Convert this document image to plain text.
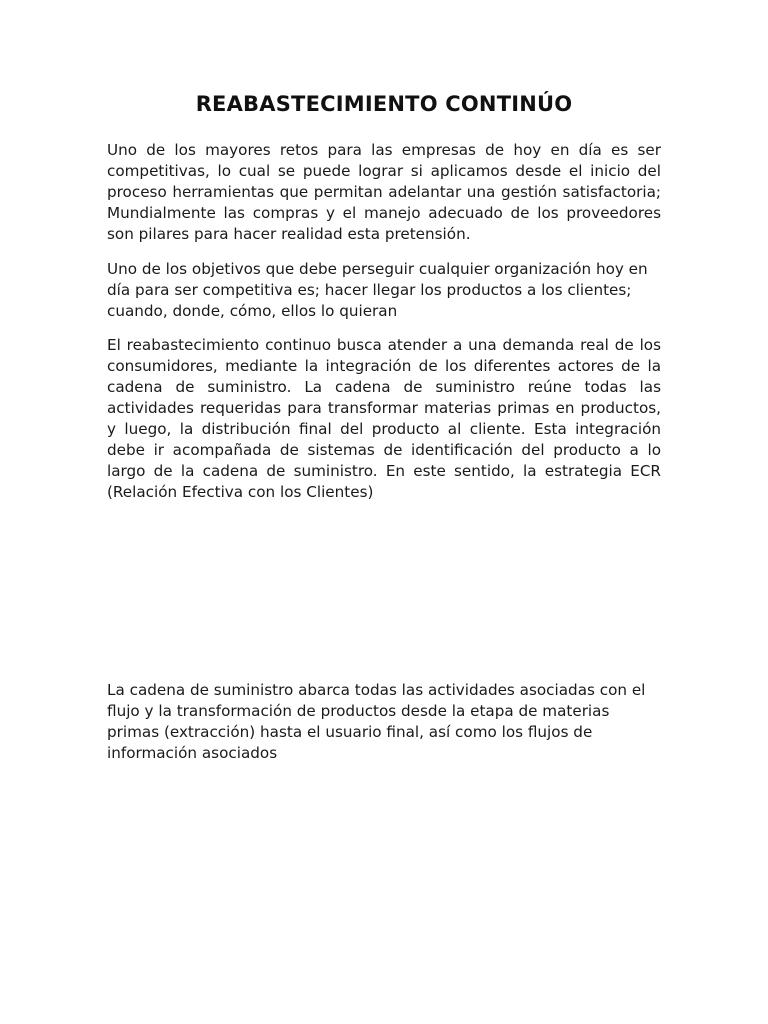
REABASTECIMIENTO CONTINÚO

Uno de los mayores retos para las empresas de hoy en día es ser competitivas, lo cual se puede lograr si aplicamos desde el inicio del proceso herramientas que permitan adelantar una gestión satisfactoria; Mundialmente las compras y el manejo adecuado de los proveedores son pilares para hacer realidad esta pretensión.

Uno de los objetivos que debe perseguir cualquier organización hoy en día para ser competitiva es; hacer llegar los productos a los clientes; cuando, donde, cómo, ellos lo quieran

El reabastecimiento continuo busca atender a una demanda real de los consumidores, mediante la integración de los diferentes actores de la cadena de suministro. La cadena de suministro reúne todas las actividades requeridas para transformar materias primas en productos, y luego, la distribución final del producto al cliente. Esta integración debe ir acompañada de sistemas de identificación del producto a lo largo de la cadena de suministro. En este sentido, la estrategia ECR (Relación Efectiva con los Clientes)

La cadena de suministro abarca todas las actividades asociadas con el flujo y la transformación de productos desde la etapa de materias primas (extracción) hasta el usuario final, así como los flujos de información asociados
